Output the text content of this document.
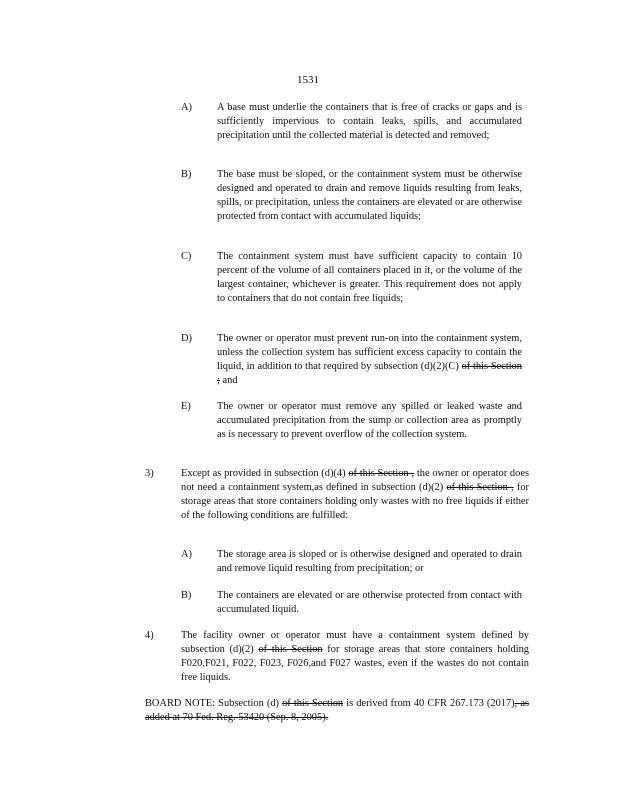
1531
A) A base must underlie the containers that is free of cracks or gaps and is sufficiently impervious to contain leaks, spills, and accumulated precipitation until the collected material is detected and removed;
B) The base must be sloped, or the containment system must be otherwise designed and operated to drain and remove liquids resulting from leaks, spills, or precipitation, unless the containers are elevated or are otherwise protected from contact with accumulated liquids;
C) The containment system must have sufficient capacity to contain 10 percent of the volume of all containers placed in it, or the volume of the largest container, whichever is greater. This requirement does not apply to containers that do not contain free liquids;
D) The owner or operator must prevent run-on into the containment system, unless the collection system has sufficient excess capacity to contain the liquid, in addition to that required by subsection (d)(2)(C) of this Section ; and
E)	The owner or operator must remove any spilled or leaked waste and accumulated precipitation from the sump or collection area as promptly as is necessary to prevent overflow of the collection system.
3)	Except as provided in subsection (d)(4) of this Section , the owner or operator does not need a containment system,as defined in subsection (d)(2) of this Section , for storage areas that store containers holding only wastes with no free liquids if either of the following conditions are fulfilled:
A) The storage area is sloped or is otherwise designed and operated to drain and remove liquid resulting from precipitation; or
B) The containers are elevated or are otherwise protected from contact with accumulated liquid.
4)	The facility owner or operator must have a containment system defined by subsection (d)(2) of this Section for storage areas that store containers holding F020,F021, F022, F023, F026,and F027 wastes, even if the wastes do not contain free liquids.
BOARD NOTE: Subsection (d) of this Section is derived from 40 CFR 267.173 (2017), as added at 70 Fed. Reg. 53420 (Sep. 8, 2005).
